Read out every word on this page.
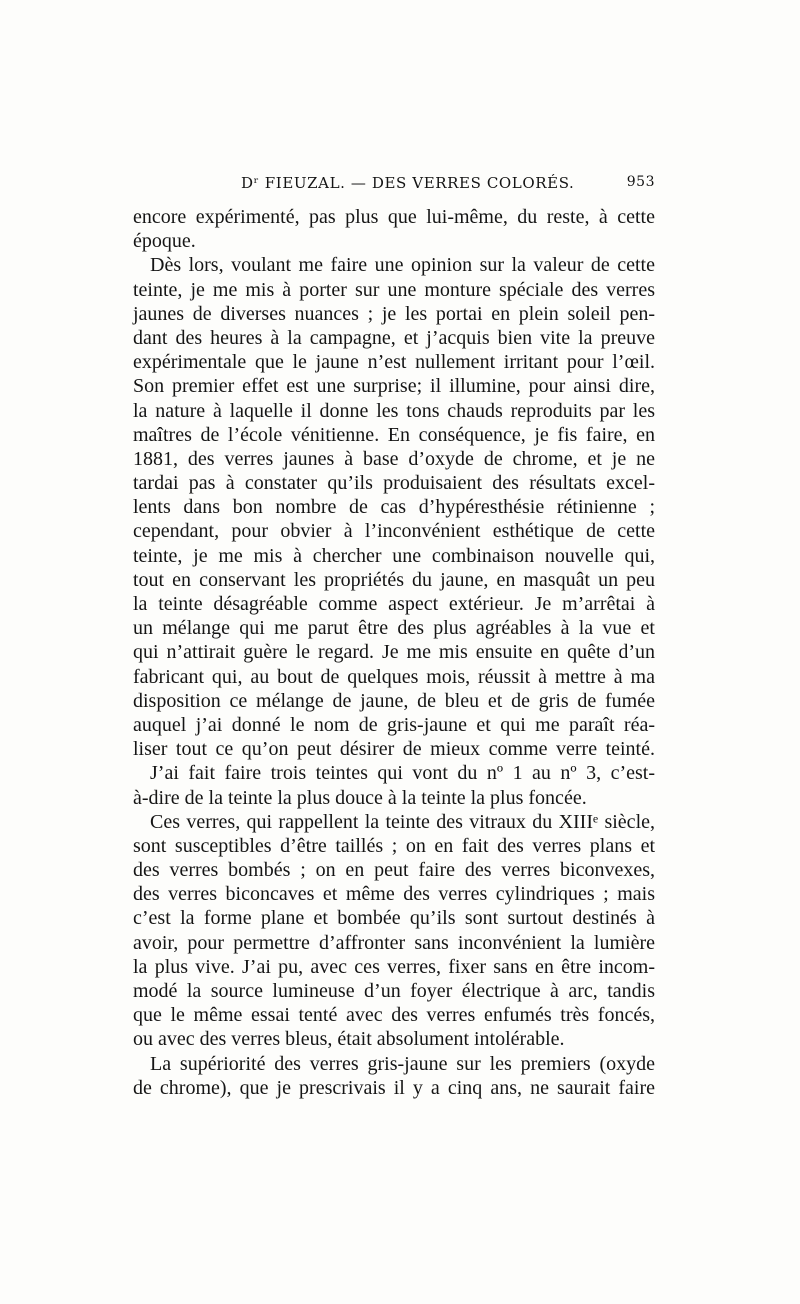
Dʳ FIEUZAL. — DES VERRES COLORÉS.	953
encore expérimenté, pas plus que lui-même, du reste, à cette
époque.
Dès lors, voulant me faire une opinion sur la valeur de cette
teinte, je me mis à porter sur une monture spéciale des verres
jaunes de diverses nuances ; je les portai en plein soleil pen-
dant des heures à la campagne, et j’acquis bien vite la preuve
expérimentale que le jaune n’est nullement irritant pour l’œil.
Son premier effet est une surprise; il illumine, pour ainsi dire,
la nature à laquelle il donne les tons chauds reproduits par les
maîtres de l’école vénitienne. En conséquence, je fis faire, en
1881, des verres jaunes à base d’oxyde de chrome, et je ne
tardai pas à constater qu’ils produisaient des résultats excel-
lents dans bon nombre de cas d’hypéresthésie rétinienne ;
cependant, pour obvier à l’inconvénient esthétique de cette
teinte, je me mis à chercher une combinaison nouvelle qui,
tout en conservant les propriétés du jaune, en masquât un peu
la teinte désagréable comme aspect extérieur. Je m’arrêtai à
un mélange qui me parut être des plus agréables à la vue et
qui n’attirait guère le regard. Je me mis ensuite en quête d’un
fabricant qui, au bout de quelques mois, réussit à mettre à ma
disposition ce mélange de jaune, de bleu et de gris de fumée
auquel j’ai donné le nom de gris-jaune et qui me paraît réa-
liser tout ce qu’on peut désirer de mieux comme verre teinté.
J’ai fait faire trois teintes qui vont du nº 1 au nº 3, c’est-
à-dire de la teinte la plus douce à la teinte la plus foncée.
Ces verres, qui rappellent la teinte des vitraux du XIIIᵉ siècle,
sont susceptibles d’être taillés ; on en fait des verres plans et
des verres bombés ; on en peut faire des verres biconvexes,
des verres biconcaves et même des verres cylindriques ; mais
c’est la forme plane et bombée qu’ils sont surtout destinés à
avoir, pour permettre d’affronter sans inconvénient la lumière
la plus vive. J’ai pu, avec ces verres, fixer sans en être incom-
modé la source lumineuse d’un foyer électrique à arc, tandis
que le même essai tenté avec des verres enfumés très foncés,
ou avec des verres bleus, était absolument intolérable.
La supériorité des verres gris-jaune sur les premiers (oxyde
de chrome), que je prescrivais il y a cinq ans, ne saurait faire
